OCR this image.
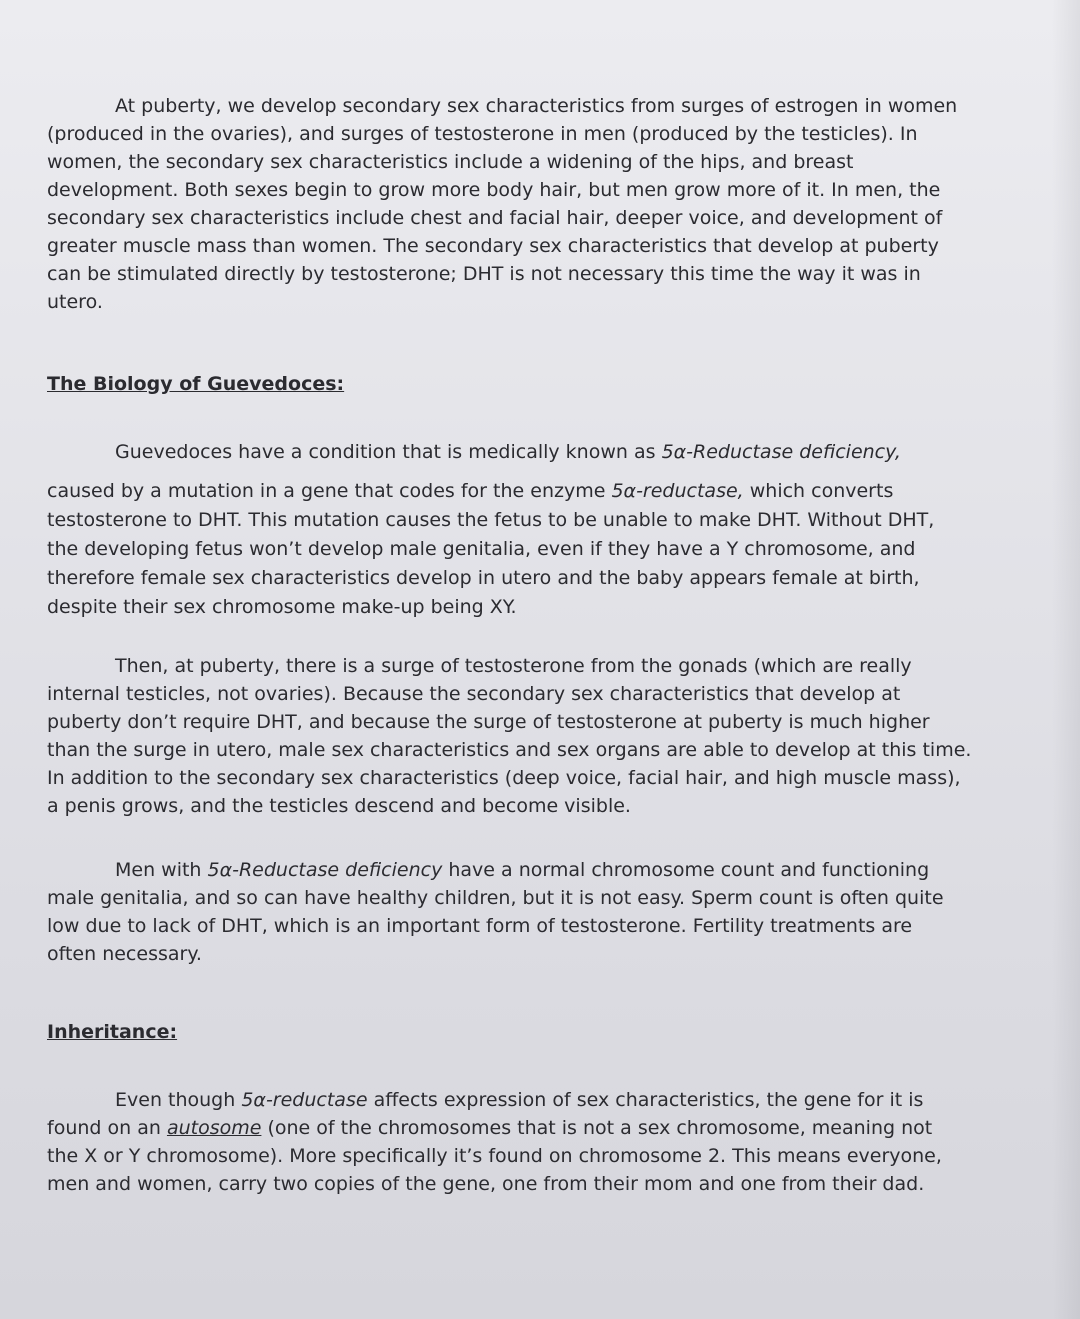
At puberty, we develop secondary sex characteristics from surges of estrogen in women
(produced in the ovaries), and surges of testosterone in men (produced by the testicles). In
women, the secondary sex characteristics include a widening of the hips, and breast
development. Both sexes begin to grow more body hair, but men grow more of it. In men, the
secondary sex characteristics include chest and facial hair, deeper voice, and development of
greater muscle mass than women. The secondary sex characteristics that develop at puberty
can be stimulated directly by testosterone; DHT is not necessary this time the way it was in
utero.
The Biology of Guevedoces:
Guevedoces have a condition that is medically known as 5α-Reductase deficiency,
caused by a mutation in a gene that codes for the enzyme 5α-reductase, which converts
testosterone to DHT. This mutation causes the fetus to be unable to make DHT. Without DHT,
the developing fetus won’t develop male genitalia, even if they have a Y chromosome, and
therefore female sex characteristics develop in utero and the baby appears female at birth,
despite their sex chromosome make-up being XY.
Then, at puberty, there is a surge of testosterone from the gonads (which are really
internal testicles, not ovaries). Because the secondary sex characteristics that develop at
puberty don’t require DHT, and because the surge of testosterone at puberty is much higher
than the surge in utero, male sex characteristics and sex organs are able to develop at this time.
In addition to the secondary sex characteristics (deep voice, facial hair, and high muscle mass),
a penis grows, and the testicles descend and become visible.
Men with 5α-Reductase deficiency have a normal chromosome count and functioning
male genitalia, and so can have healthy children, but it is not easy. Sperm count is often quite
low due to lack of DHT, which is an important form of testosterone. Fertility treatments are
often necessary.
Inheritance:
Even though 5α-reductase affects expression of sex characteristics, the gene for it is
found on an autosome (one of the chromosomes that is not a sex chromosome, meaning not
the X or Y chromosome). More specifically it’s found on chromosome 2. This means everyone,
men and women, carry two copies of the gene, one from their mom and one from their dad.
